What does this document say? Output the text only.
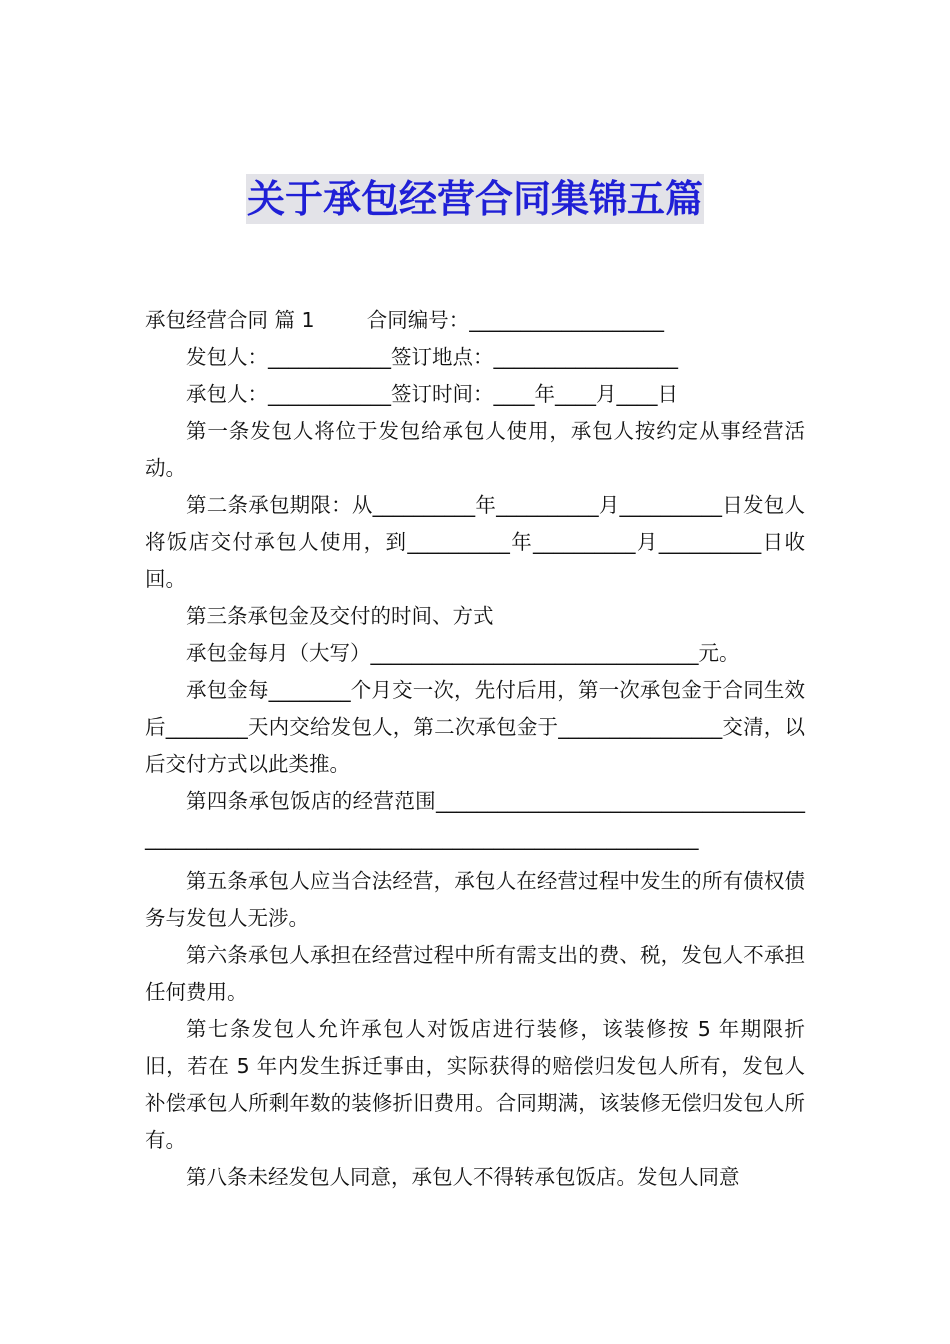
关于承包经营合同集锦五篇

承包经营合同 篇 1        合同编号：___________________

发包人：____________签订地点：__________________

承包人：____________签订时间：____年____月____日

第一条发包人将位于发包给承包人使用，承包人按约定从事经营活动。

第二条承包期限：从__________年__________月__________日发包人将饭店交付承包人使用，到__________年__________月__________日收回。

第三条承包金及交付的时间、方式

承包金每月（大写）________________________________元。

承包金每________个月交一次，先付后用，第一次承包金于合同生效后________天内交给发包人，第二次承包金于________________交清，以后交付方式以此类推。

第四条承包饭店的经营范围__________________________________________________________________________________________

第五条承包人应当合法经营，承包人在经营过程中发生的所有债权债务与发包人无涉。

第六条承包人承担在经营过程中所有需支出的费、税，发包人不承担任何费用。

第七条发包人允许承包人对饭店进行装修，该装修按 5 年期限折旧，若在 5 年内发生拆迁事由，实际获得的赔偿归发包人所有，发包人补偿承包人所剩年数的装修折旧费用。合同期满，该装修无偿归发包人所有。

第八条未经发包人同意，承包人不得转承包饭店。发包人同意
